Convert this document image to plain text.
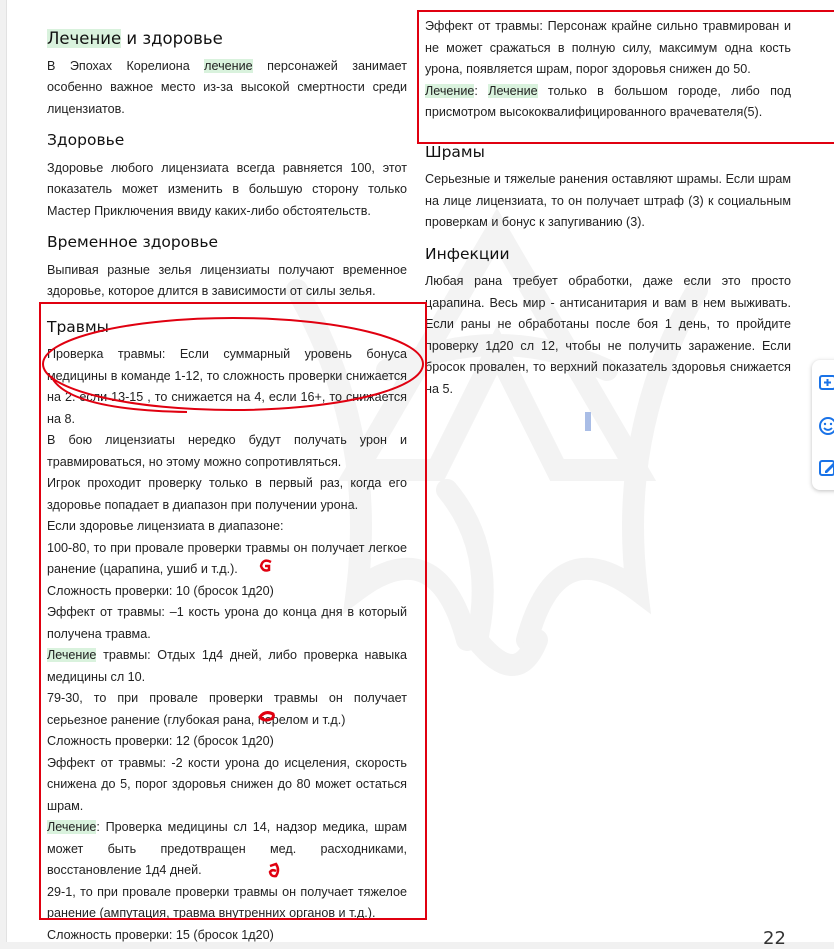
Лечение и здоровье

В Эпохах Корелиона лечение персонажей занимает особенно важное место из-за высокой смертности среди лицензиатов.

Здоровье

Здоровье любого лицензиата всегда равняется 100, этот показатель может изменить в большую сторону только Мастер Приключения ввиду каких-либо обстоятельств.

Временное здоровье

Выпивая разные зелья лицензиаты получают временное здоровье, которое длится в зависимости от силы зелья.

Травмы

Проверка травмы: Если суммарный уровень бонуса медицины в команде 1-12, то сложность проверки снижается на 2. если 13-15 , то снижается на 4, если 16+, то снижается на 8.

В бою лицензиаты нередко будут получать урон и травмироваться, но этому можно сопротивляться.

Игрок проходит проверку только в первый раз, когда его здоровье попадает в диапазон при получении урона.

Если здоровье лицензиата в диапазоне:

100-80, то при провале проверки травмы он получает легкое ранение (царапина, ушиб и т.д.).

Сложность проверки: 10 (бросок 1д20)

Эффект от травмы: –1 кость урона до конца дня в который получена травма.

Лечение травмы: Отдых 1д4 дней, либо проверка навыка медицины сл 10.

79-30, то при провале проверки травмы он получает серьезное ранение (глубокая рана, перелом и т.д.)

Сложность проверки: 12 (бросок 1д20)

Эффект от травмы: -2 кости урона до исцеления, скорость снижена до 5, порог здоровья снижен до 80 может остаться шрам.

Лечение: Проверка медицины сл 14, надзор медика, шрам может быть предотвращен мед. расходниками, восстановление 1д4 дней.

29-1, то при провале проверки травмы он получает тяжелое ранение (ампутация, травма внутренних органов и т.д.).

Сложность проверки: 15 (бросок 1д20)

Эффект от травмы: Персонаж крайне сильно травмирован и не может сражаться в полную силу, максимум одна кость урона, появляется шрам, порог здоровья снижен до 50.

Лечение: Лечение только в большом городе, либо под присмотром высококвалифицированного врачевателя(5).

Шрамы

Серьезные и тяжелые ранения оставляют шрамы. Если шрам на лице лицензиата, то он получает штраф (3) к социальным проверкам и бонус к запугиванию (3).

Инфекции

Любая рана требует обработки, даже если это просто царапина. Весь мир - антисанитария и вам в нем выживать. Если раны не обработаны после боя 1 день, то пройдите проверку 1д20 сл 12, чтобы не получить заражение. Если бросок провален, то верхний показатель здоровья снижается на 5.

22
